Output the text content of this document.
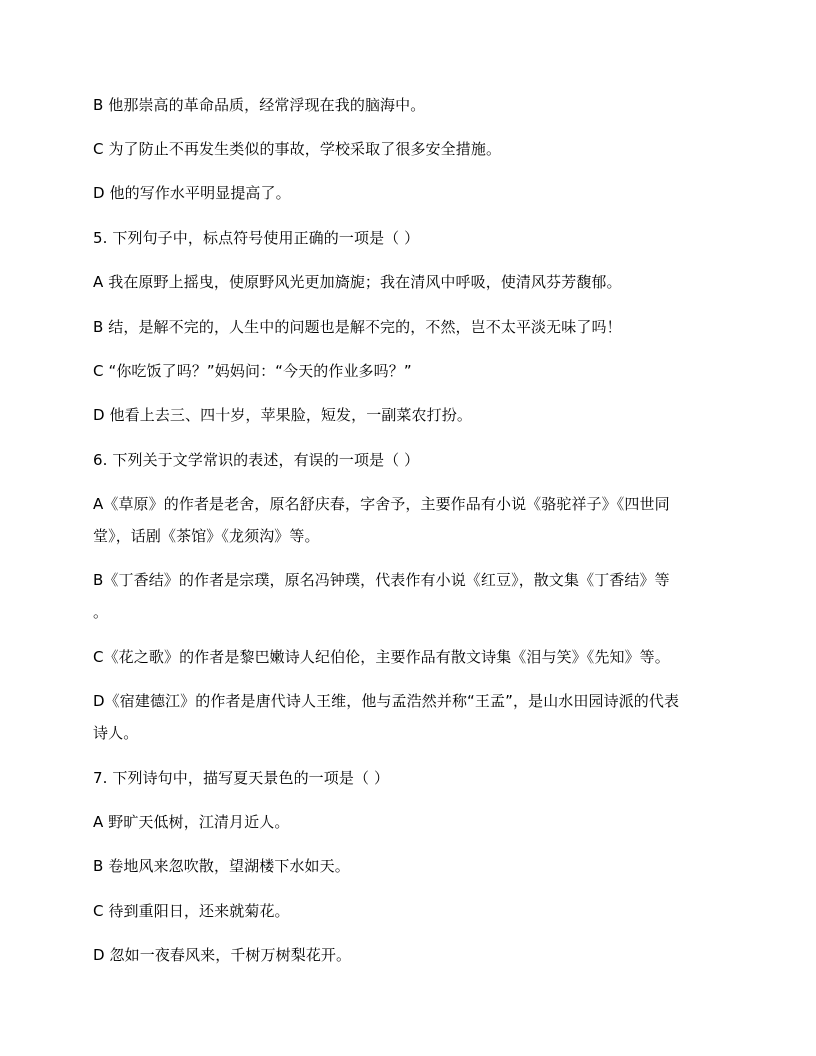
B 他那崇高的革命品质，经常浮现在我的脑海中。
C 为了防止不再发生类似的事故，学校采取了很多安全措施。
D 他的写作水平明显提高了。
5. 下列句子中，标点符号使用正确的一项是（ ）
A 我在原野上摇曳，使原野风光更加旖旎；我在清风中呼吸，使清风芬芳馥郁。
B 结，是解不完的，人生中的问题也是解不完的，不然，岂不太平淡无味了吗！
C “你吃饭了吗？”妈妈问：“今天的作业多吗？”
D 他看上去三、四十岁，苹果脸，短发，一副菜农打扮。
6. 下列关于文学常识的表述，有误的一项是（ ）
A《草原》的作者是老舍，原名舒庆春，字舍予，主要作品有小说《骆驼祥子》《四世同
堂》，话剧《茶馆》《龙须沟》等。
B《丁香结》的作者是宗璞，原名冯钟璞，代表作有小说《红豆》，散文集《丁香结》等
。
C《花之歌》的作者是黎巴嫩诗人纪伯伦，主要作品有散文诗集《泪与笑》《先知》等。
D《宿建德江》的作者是唐代诗人王维，他与孟浩然并称“王孟”，是山水田园诗派的代表
诗人。
7. 下列诗句中，描写夏天景色的一项是（ ）
A 野旷天低树，江清月近人。
B 卷地风来忽吹散，望湖楼下水如天。
C 待到重阳日，还来就菊花。
D 忽如一夜春风来，千树万树梨花开。
